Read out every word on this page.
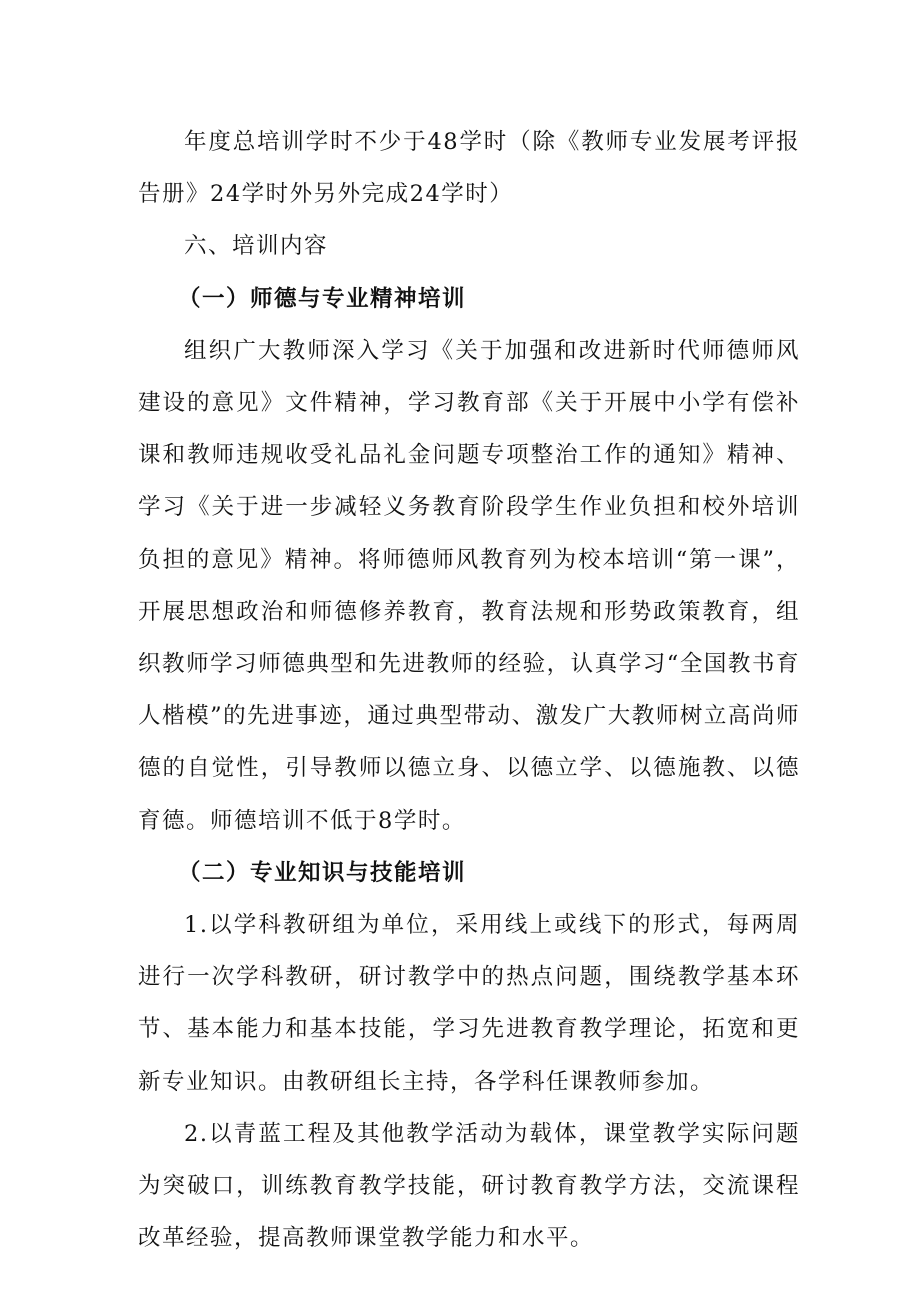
年度总培训学时不少于48学时（除《教师专业发展考评报告册》24学时外另外完成24学时）

六、培训内容

（一）师德与专业精神培训

组织广大教师深入学习《关于加强和改进新时代师德师风建设的意见》文件精神，学习教育部《关于开展中小学有偿补课和教师违规收受礼品礼金问题专项整治工作的通知》精神、学习《关于进一步减轻义务教育阶段学生作业负担和校外培训负担的意见》精神。将师德师风教育列为校本培训“第一课”，开展思想政治和师德修养教育，教育法规和形势政策教育，组织教师学习师德典型和先进教师的经验，认真学习“全国教书育人楷模”的先进事迹，通过典型带动、激发广大教师树立高尚师德的自觉性，引导教师以德立身、以德立学、以德施教、以德育德。师德培训不低于8学时。

（二）专业知识与技能培训

1.以学科教研组为单位，采用线上或线下的形式，每两周进行一次学科教研，研讨教学中的热点问题，围绕教学基本环节、基本能力和基本技能，学习先进教育教学理论，拓宽和更新专业知识。由教研组长主持，各学科任课教师参加。

2.以青蓝工程及其他教学活动为载体，课堂教学实际问题为突破口，训练教育教学技能，研讨教育教学方法，交流课程改革经验，提高教师课堂教学能力和水平。
